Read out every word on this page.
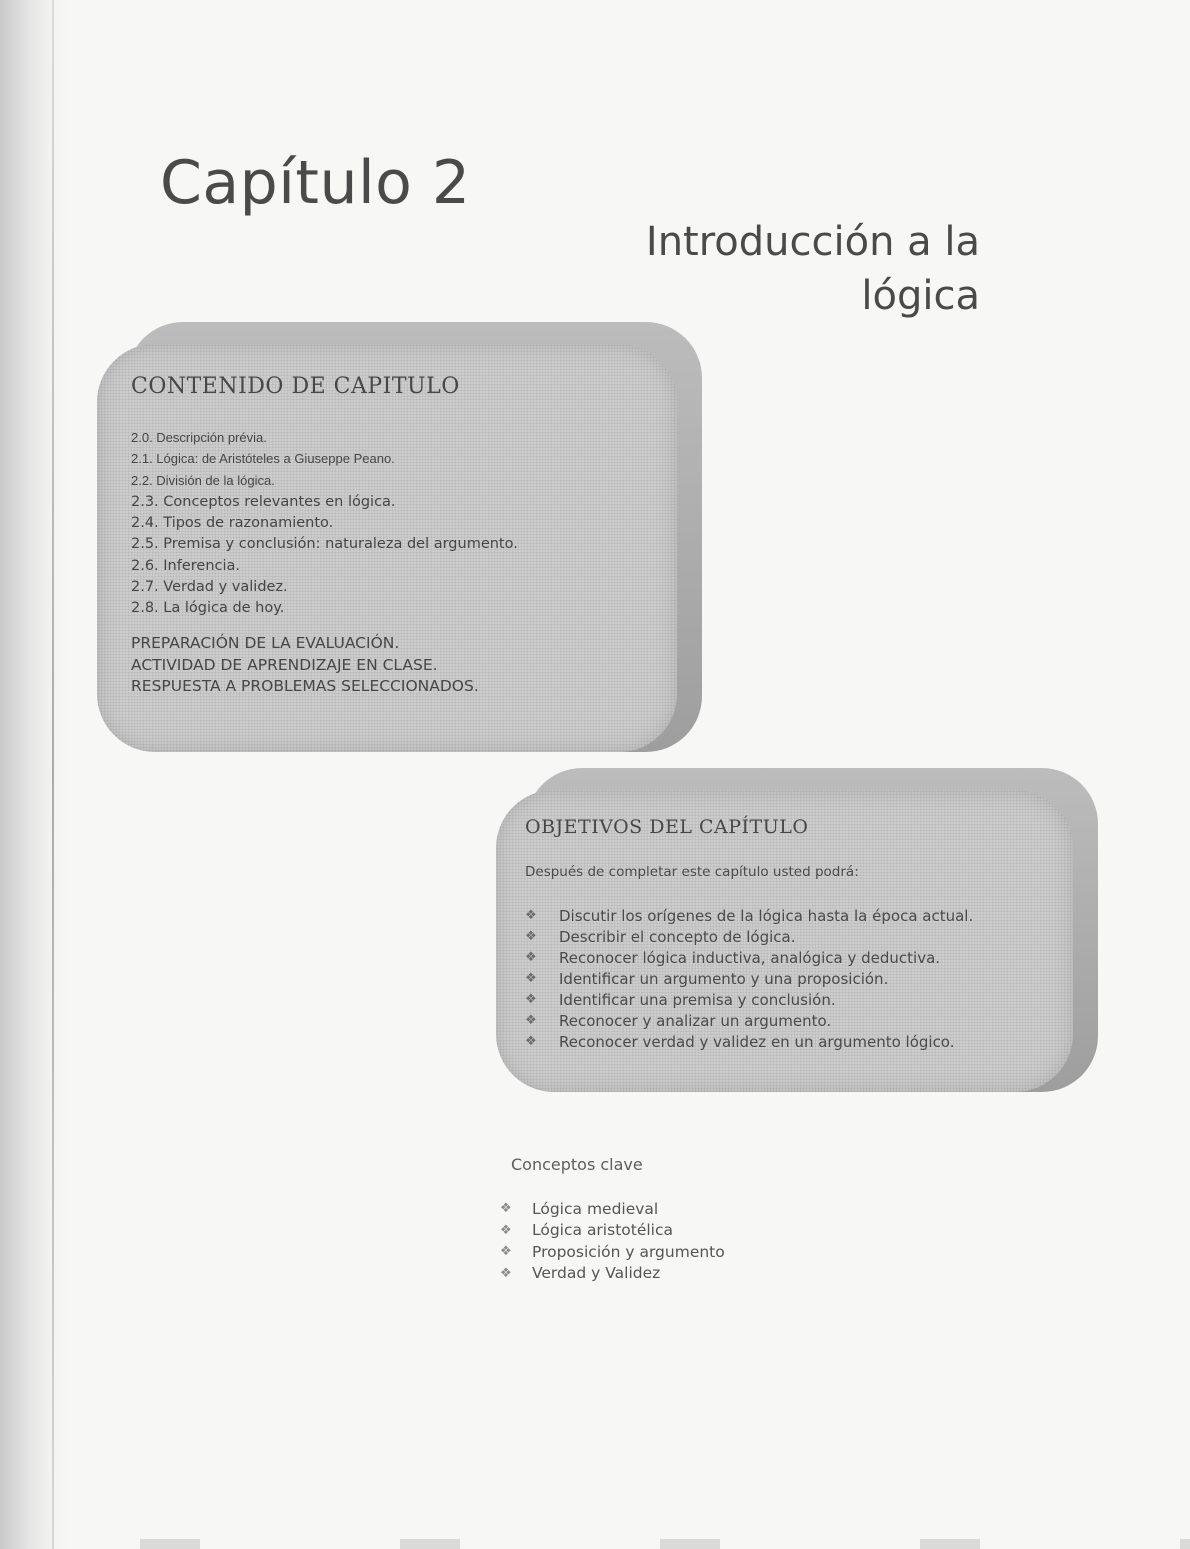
Capítulo 2
Introducción a la
lógica
CONTENIDO DE CAPITULO
2.0. Descripción prévia.
2.1. Lógica: de Aristóteles a Giuseppe Peano.
2.2. División de la lógica.
2.3. Conceptos relevantes en lógica.
2.4. Tipos de razonamiento.
2.5. Premisa y conclusión: naturaleza del argumento.
2.6. Inferencia.
2.7. Verdad y validez.
2.8. La lógica de hoy.
PREPARACIÓN DE LA EVALUACIÓN.
ACTIVIDAD DE APRENDIZAJE EN CLASE.
RESPUESTA A PROBLEMAS SELECCIONADOS.
OBJETIVOS DEL CAPÍTULO
Después de completar este capítulo usted podrá:
❖	Discutir los orígenes de la lógica hasta la época actual.
❖	Describir el concepto de lógica.
❖	Reconocer lógica inductiva, analógica y deductiva.
❖	Identificar un argumento y una proposición.
❖	Identificar una premisa y conclusión.
❖	Reconocer y analizar un argumento.
❖	Reconocer verdad y validez en un argumento lógico.
Conceptos clave
❖	Lógica medieval
❖	Lógica aristotélica
❖	Proposición y argumento
❖	Verdad y Validez
